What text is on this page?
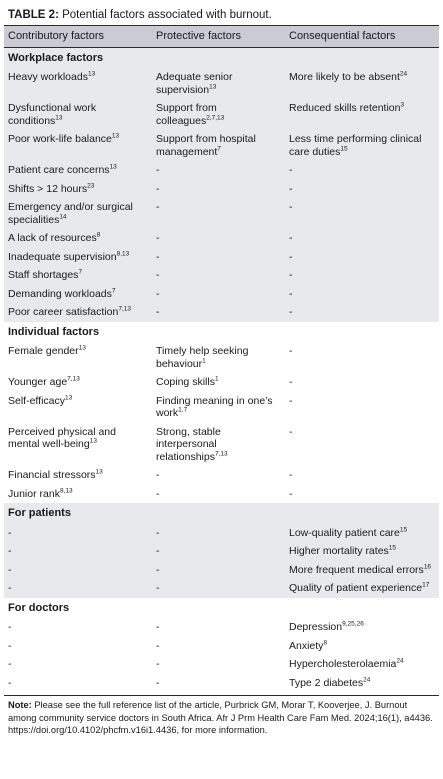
TABLE 2: Potential factors associated with burnout.
Contributory factors	Protective factors	Consequential factors
Workplace factors		
Heavy workloads$^{13}$	Adequate senior supervision$^{13}$	More likely to be absent$^{24}$
Dysfunctional work conditions$^{13}$	Support from colleagues$^{2,7,13}$	Reduced skills retention$^3$
Poor work-life balance$^{13}$	Support from hospital management$^7$	Less time performing clinical care duties$^{15}$
Patient care concerns$^{13}$	-	-
Shifts > 12 hours$^{23}$	-	-
Emergency and/or surgical specialities$^{14}$	-	-
A lack of resources$^8$	-	-
Inadequate supervision$^{8,13}$	-	-
Staff shortages$^7$	-	-
Demanding workloads$^7$	-	-
Poor career satisfaction$^{7,13}$	-	-
Individual factors		
Female gender$^{13}$	Timely help seeking behaviour$^1$	-
Younger age$^{7,13}$	Coping skills$^1$	-
Self-efficacy$^{13}$	Finding meaning in one’s work$^{1,7}$	-
Perceived physical and mental well-being$^{13}$	Strong, stable interpersonal relationships$^{7,13}$	-
Financial stressors$^{13}$	-	-
Junior rank$^{8,13}$	-	-
For patients		
-	-	Low-quality patient care$^{15}$
-	-	Higher mortality rates$^{15}$
-	-	More frequent medical errors$^{16}$
-	-	Quality of patient experience$^{17}$
For doctors		
-	-	Depression$^{9,25,26}$
-	-	Anxiety$^8$
-	-	Hypercholesterolaemia$^{24}$
-	-	Type 2 diabetes$^{24}$
Note: Please see the full reference list of the article, Purbrick GM, Morar T, Kooverjee, J. Burnout among community service doctors in South Africa. Afr J Prm Health Care Fam Med. 2024;16(1), a4436. https://doi.org/10.4102/phcfm.v16i1.4436, for more information.
